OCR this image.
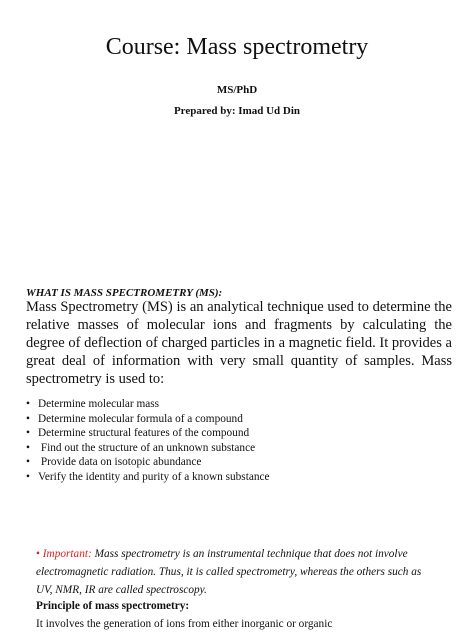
Course: Mass spectrometry
MS/PhD
Prepared by: Imad Ud Din
WHAT IS MASS SPECTROMETRY (MS):

Mass Spectrometry (MS) is an analytical technique used to determine the relative masses of molecular ions and fragments by calculating the degree of deflection of charged particles in a magnetic field. It provides a great deal of information with very small quantity of samples. Mass spectrometry is used to:

• Determine molecular mass
• Determine molecular formula of a compound
• Determine structural features of the compound
• Find out the structure of an unknown substance
• Provide data on isotopic abundance
• Verify the identity and purity of a known substance

• Important: Mass spectrometry is an instrumental technique that does not involve electromagnetic radiation. Thus, it is called spectrometry, whereas the others such as UV, NMR, IR are called spectroscopy.

Principle of mass spectrometry:
It involves the generation of ions from either inorganic or organic
